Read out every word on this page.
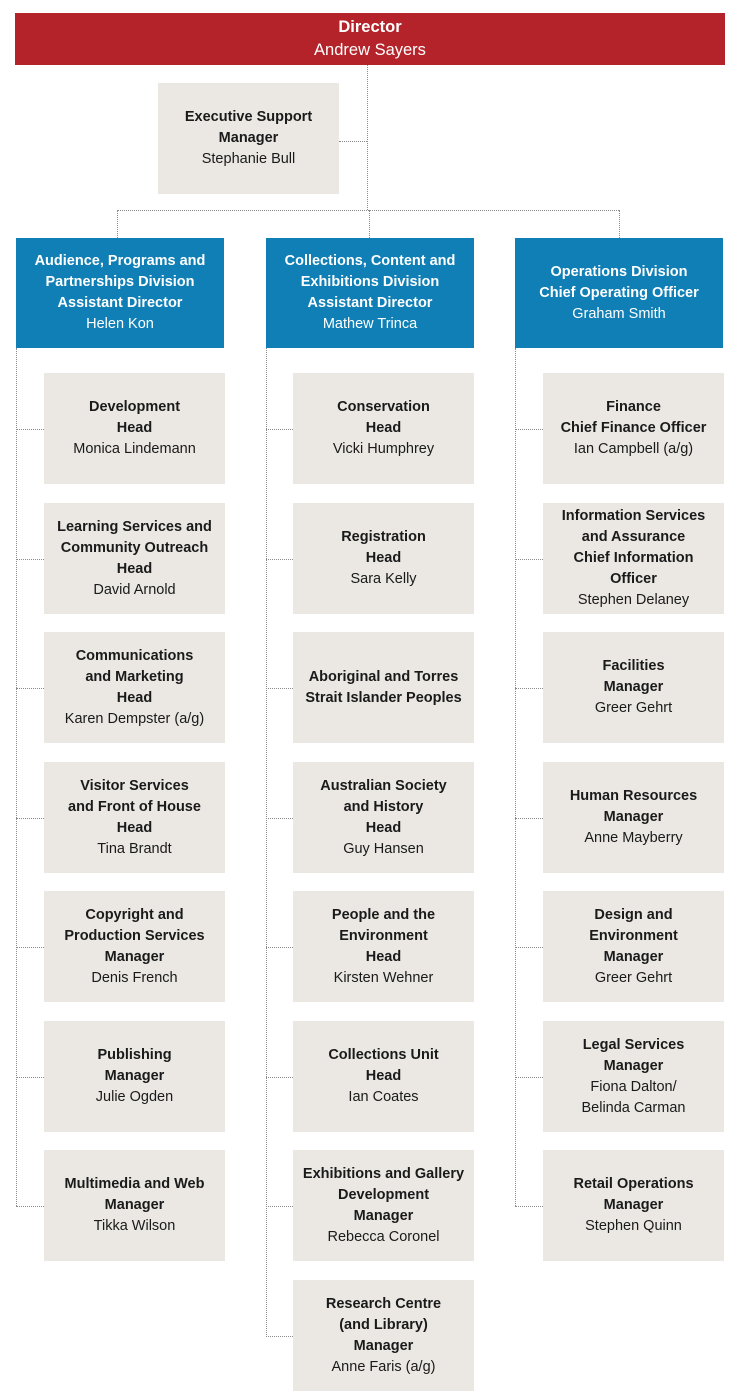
Director
Andrew Sayers
Executive Support
Manager
Stephanie Bull
Audience, Programs and
Partnerships Division
Assistant Director
Helen Kon
Collections, Content and
Exhibitions Division
Assistant Director
Mathew Trinca
Operations Division
Chief Operating Officer
Graham Smith
Development
Head
Monica Lindemann
Learning Services and
Community Outreach
Head
David Arnold
Communications
and Marketing
Head
Karen Dempster (a/g)
Visitor Services
and Front of House
Head
Tina Brandt
Copyright and
Production Services
Manager
Denis French
Publishing
Manager
Julie Ogden
Multimedia and Web
Manager
Tikka Wilson
Conservation
Head
Vicki Humphrey
Registration
Head
Sara Kelly
Aboriginal and Torres
Strait Islander Peoples
Australian Society
and History
Head
Guy Hansen
People and the
Environment
Head
Kirsten Wehner
Collections Unit
Head
Ian Coates
Exhibitions and Gallery
Development
Manager
Rebecca Coronel
Research Centre
(and Library)
Manager
Anne Faris (a/g)
Finance
Chief Finance Officer
Ian Campbell (a/g)
Information Services
and Assurance
Chief Information
Officer
Stephen Delaney
Facilities
Manager
Greer Gehrt
Human Resources
Manager
Anne Mayberry
Design and
Environment
Manager
Greer Gehrt
Legal Services
Manager
Fiona Dalton/
Belinda Carman
Retail Operations
Manager
Stephen Quinn
